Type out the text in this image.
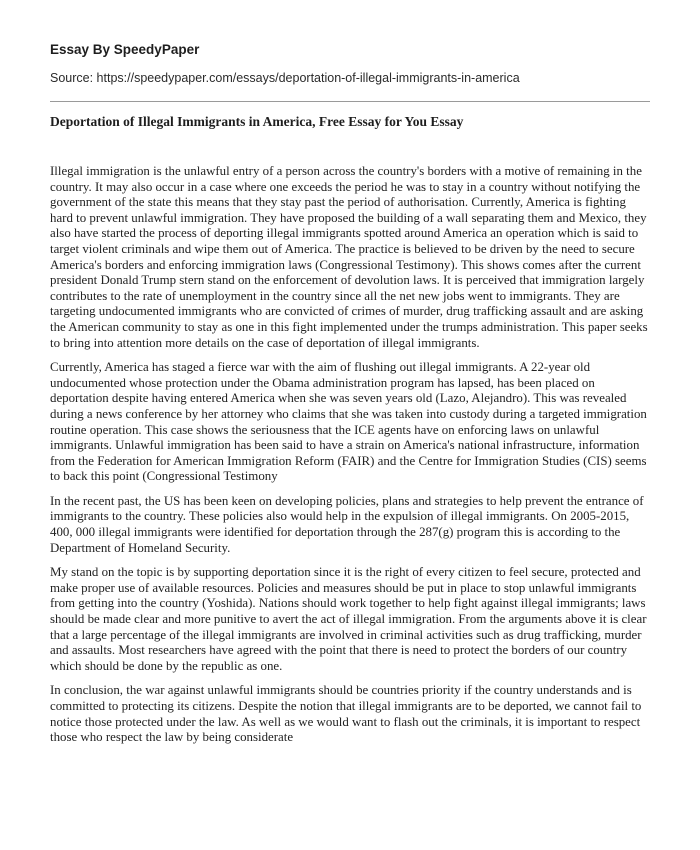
Essay By SpeedyPaper
Source: https://speedypaper.com/essays/deportation-of-illegal-immigrants-in-america
Deportation of Illegal Immigrants in America, Free Essay for You Essay

Illegal immigration is the unlawful entry of a person across the country's borders with a motive of remaining in the country. It may also occur in a case where one exceeds the period he was to stay in a country without notifying the government of the state this means that they stay past the period of authorisation. Currently, America is fighting hard to prevent unlawful immigration. They have proposed the building of a wall separating them and Mexico, they also have started the process of deporting illegal immigrants spotted around America an operation which is said to target violent criminals and wipe them out of America. The practice is believed to be driven by the need to secure America's borders and enforcing immigration laws (Congressional Testimony). This shows comes after the current president Donald Trump stern stand on the enforcement of devolution laws. It is perceived that immigration largely contributes to the rate of unemployment in the country since all the net new jobs went to immigrants. They are targeting undocumented immigrants who are convicted of crimes of murder, drug trafficking assault and are asking the American community to stay as one in this fight implemented under the trumps administration. This paper seeks to bring into attention more details on the case of deportation of illegal immigrants.

Currently, America has staged a fierce war with the aim of flushing out illegal immigrants. A 22-year old undocumented whose protection under the Obama administration program has lapsed, has been placed on deportation despite having entered America when she was seven years old (Lazo, Alejandro). This was revealed during a news conference by her attorney who claims that she was taken into custody during a targeted immigration routine operation. This case shows the seriousness that the ICE agents have on enforcing laws on unlawful immigrants. Unlawful immigration has been said to have a strain on America's national infrastructure, information from the Federation for American Immigration Reform (FAIR) and the Centre for Immigration Studies (CIS) seems to back this point (Congressional Testimony

In the recent past, the US has been keen on developing policies, plans and strategies to help prevent the entrance of immigrants to the country. These policies also would help in the expulsion of illegal immigrants. On 2005-2015, 400, 000 illegal immigrants were identified for deportation through the 287(g) program this is according to the Department of Homeland Security.

My stand on the topic is by supporting deportation since it is the right of every citizen to feel secure, protected and make proper use of available resources. Policies and measures should be put in place to stop unlawful immigrants from getting into the country (Yoshida). Nations should work together to help fight against illegal immigrants; laws should be made clear and more punitive to avert the act of illegal immigration. From the arguments above it is clear that a large percentage of the illegal immigrants are involved in criminal activities such as drug trafficking, murder and assaults. Most researchers have agreed with the point that there is need to protect the borders of our country which should be done by the republic as one.

In conclusion, the war against unlawful immigrants should be countries priority if the country understands and is committed to protecting its citizens. Despite the notion that illegal immigrants are to be deported, we cannot fail to notice those protected under the law. As well as we would want to flash out the criminals, it is important to respect those who respect the law by being considerate
